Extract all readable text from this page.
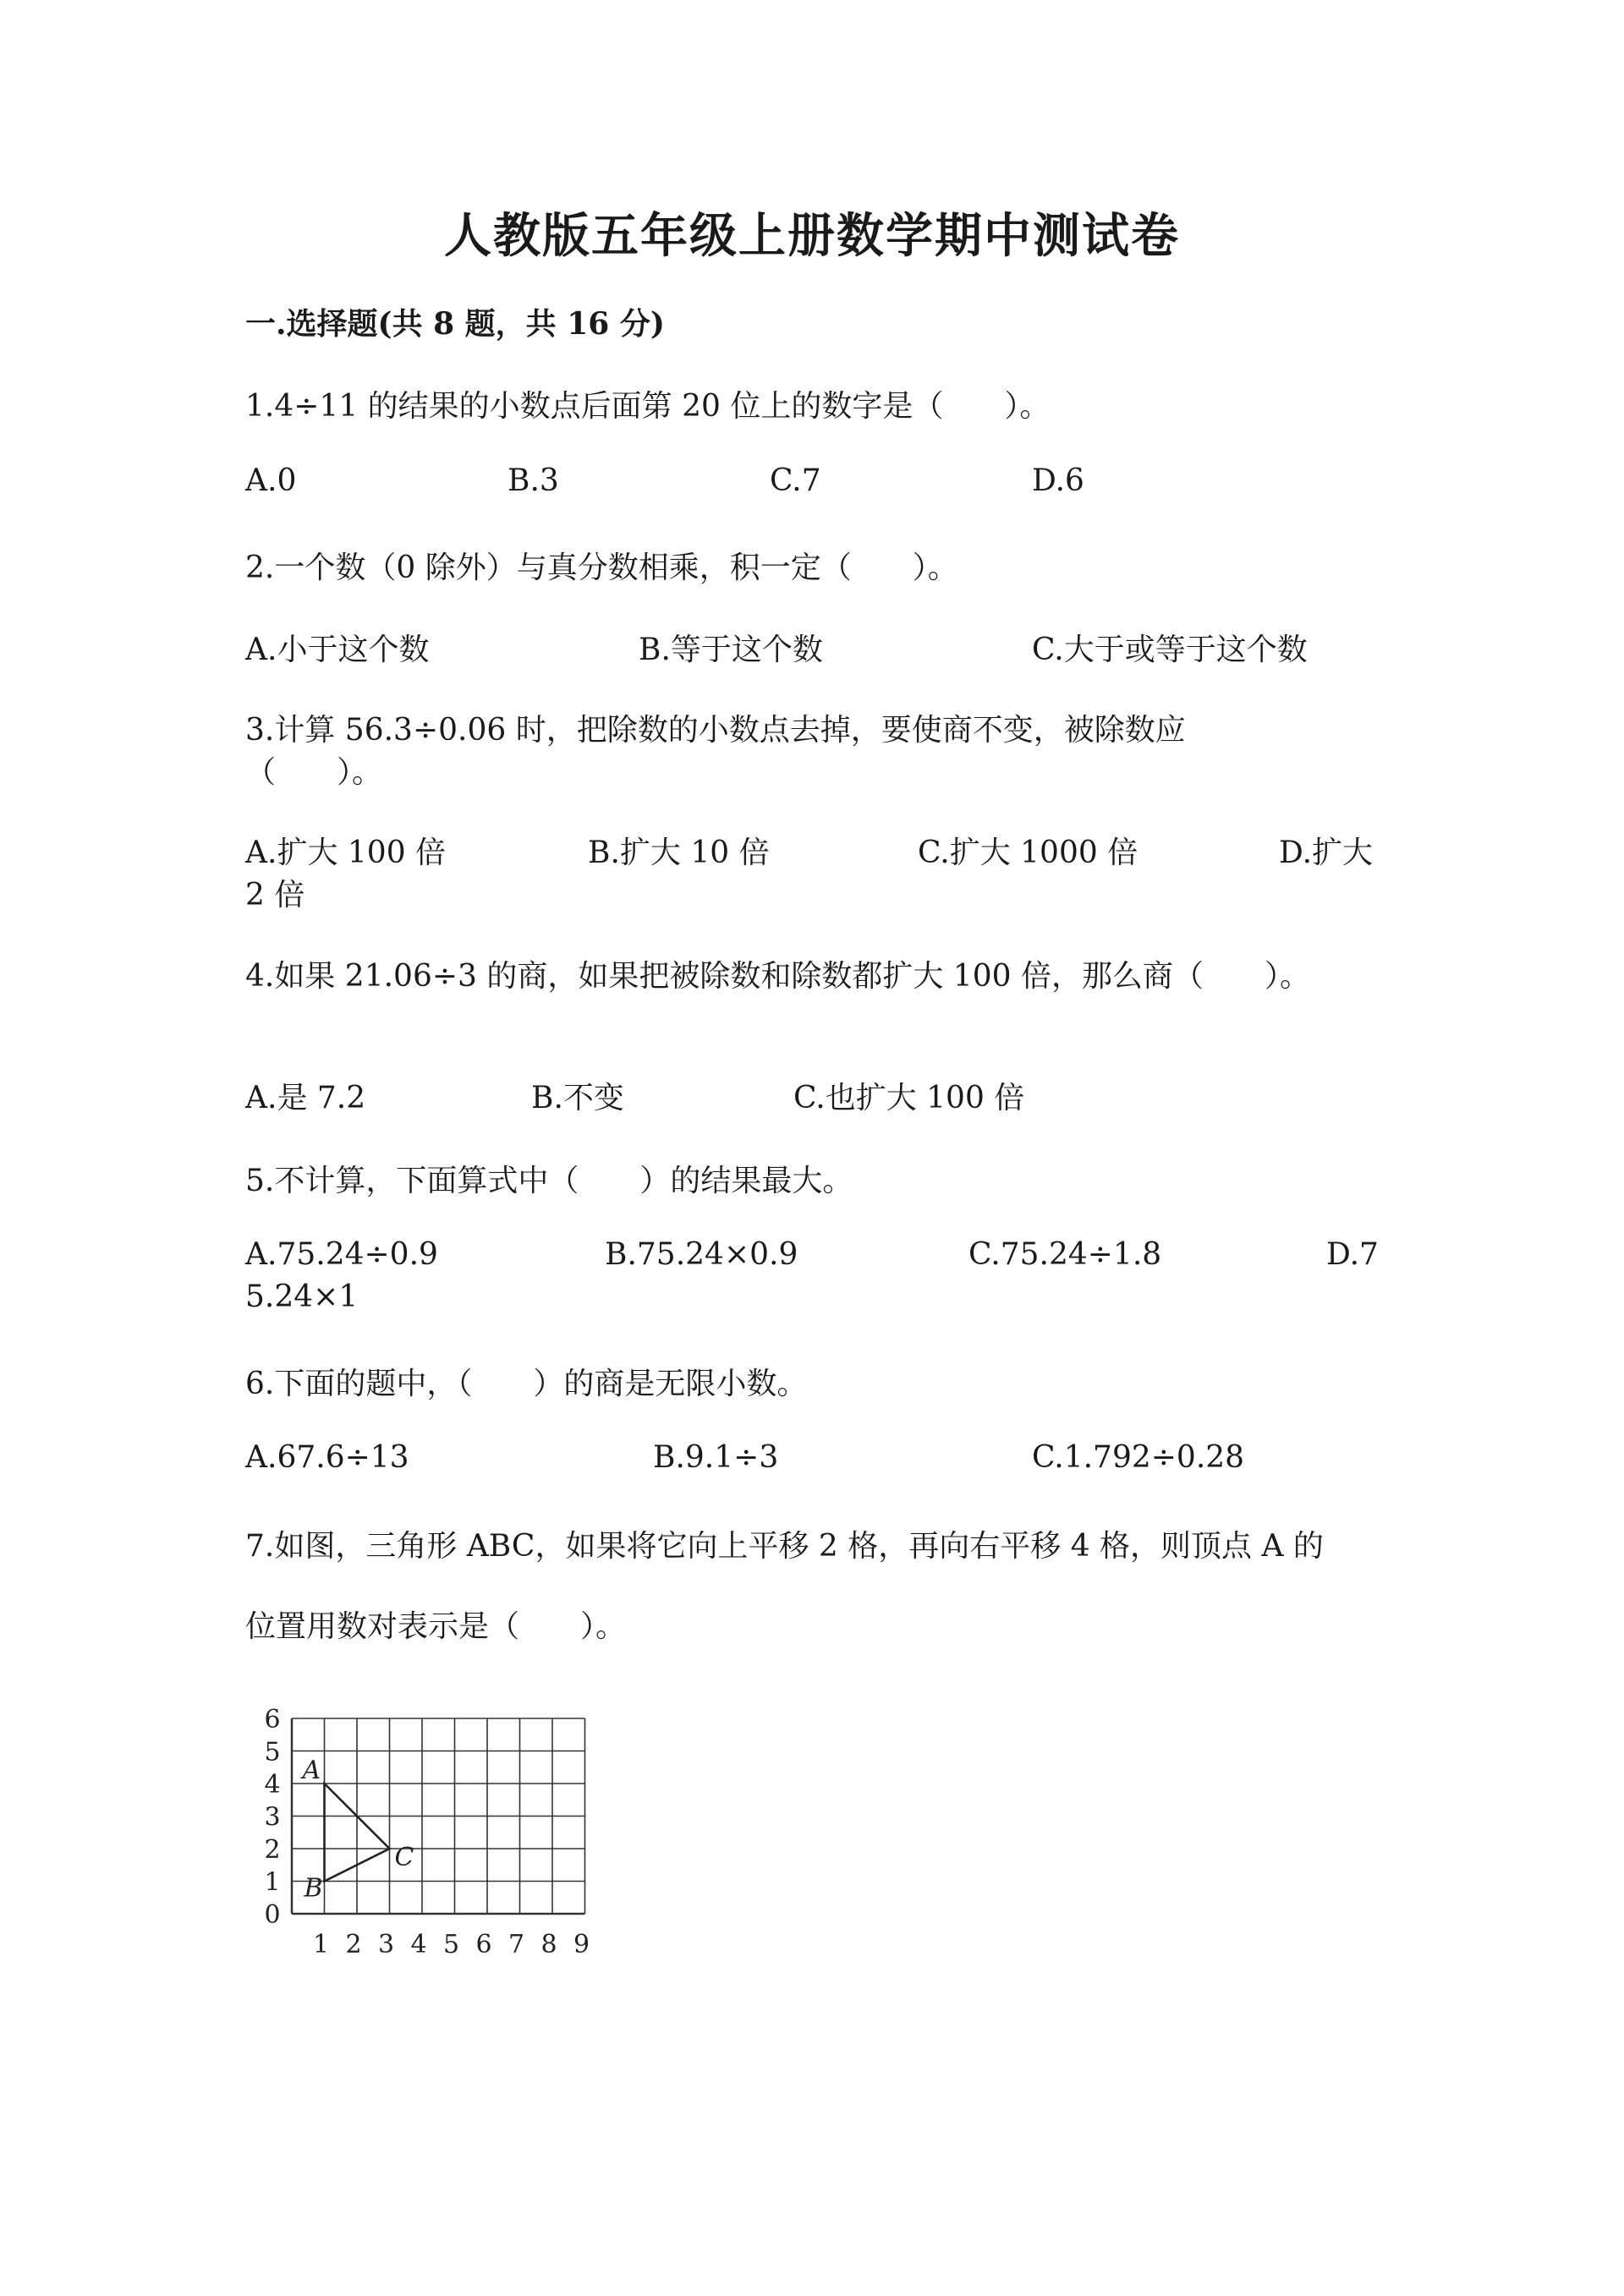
人教版五年级上册数学期中测试卷
一.选择题(共 8 题，共 16 分)
1.4÷11 的结果的小数点后面第 20 位上的数字是（　　）。
A.0	B.3	C.7	D.6
2.一个数（0 除外）与真分数相乘，积一定（　　）。
A.小于这个数	B.等于这个数	C.大于或等于这个数
3.计算 56.3÷0.06 时，把除数的小数点去掉，要使商不变，被除数应
（　　）。
A.扩大 100 倍	B.扩大 10 倍	C.扩大 1000 倍	D.扩大
2 倍
4.如果 21.06÷3 的商，如果把被除数和除数都扩大 100 倍，那么商（　　）。
A.是 7.2	B.不变	C.也扩大 100 倍
5.不计算，下面算式中（　　）的结果最大。
A.75.24÷0.9	B.75.24×0.9	C.75.24÷1.8	D.7
5.24×1
6.下面的题中，（　　）的商是无限小数。
A.67.6÷13	B.9.1÷3	C.1.792÷0.28
7.如图，三角形 ABC，如果将它向上平移 2 格，再向右平移 4 格，则顶点 A 的
位置用数对表示是（　　）。
0
1
2
3
4
5
6
1 2 3 4 5 6 7 8 9
A
B
C
